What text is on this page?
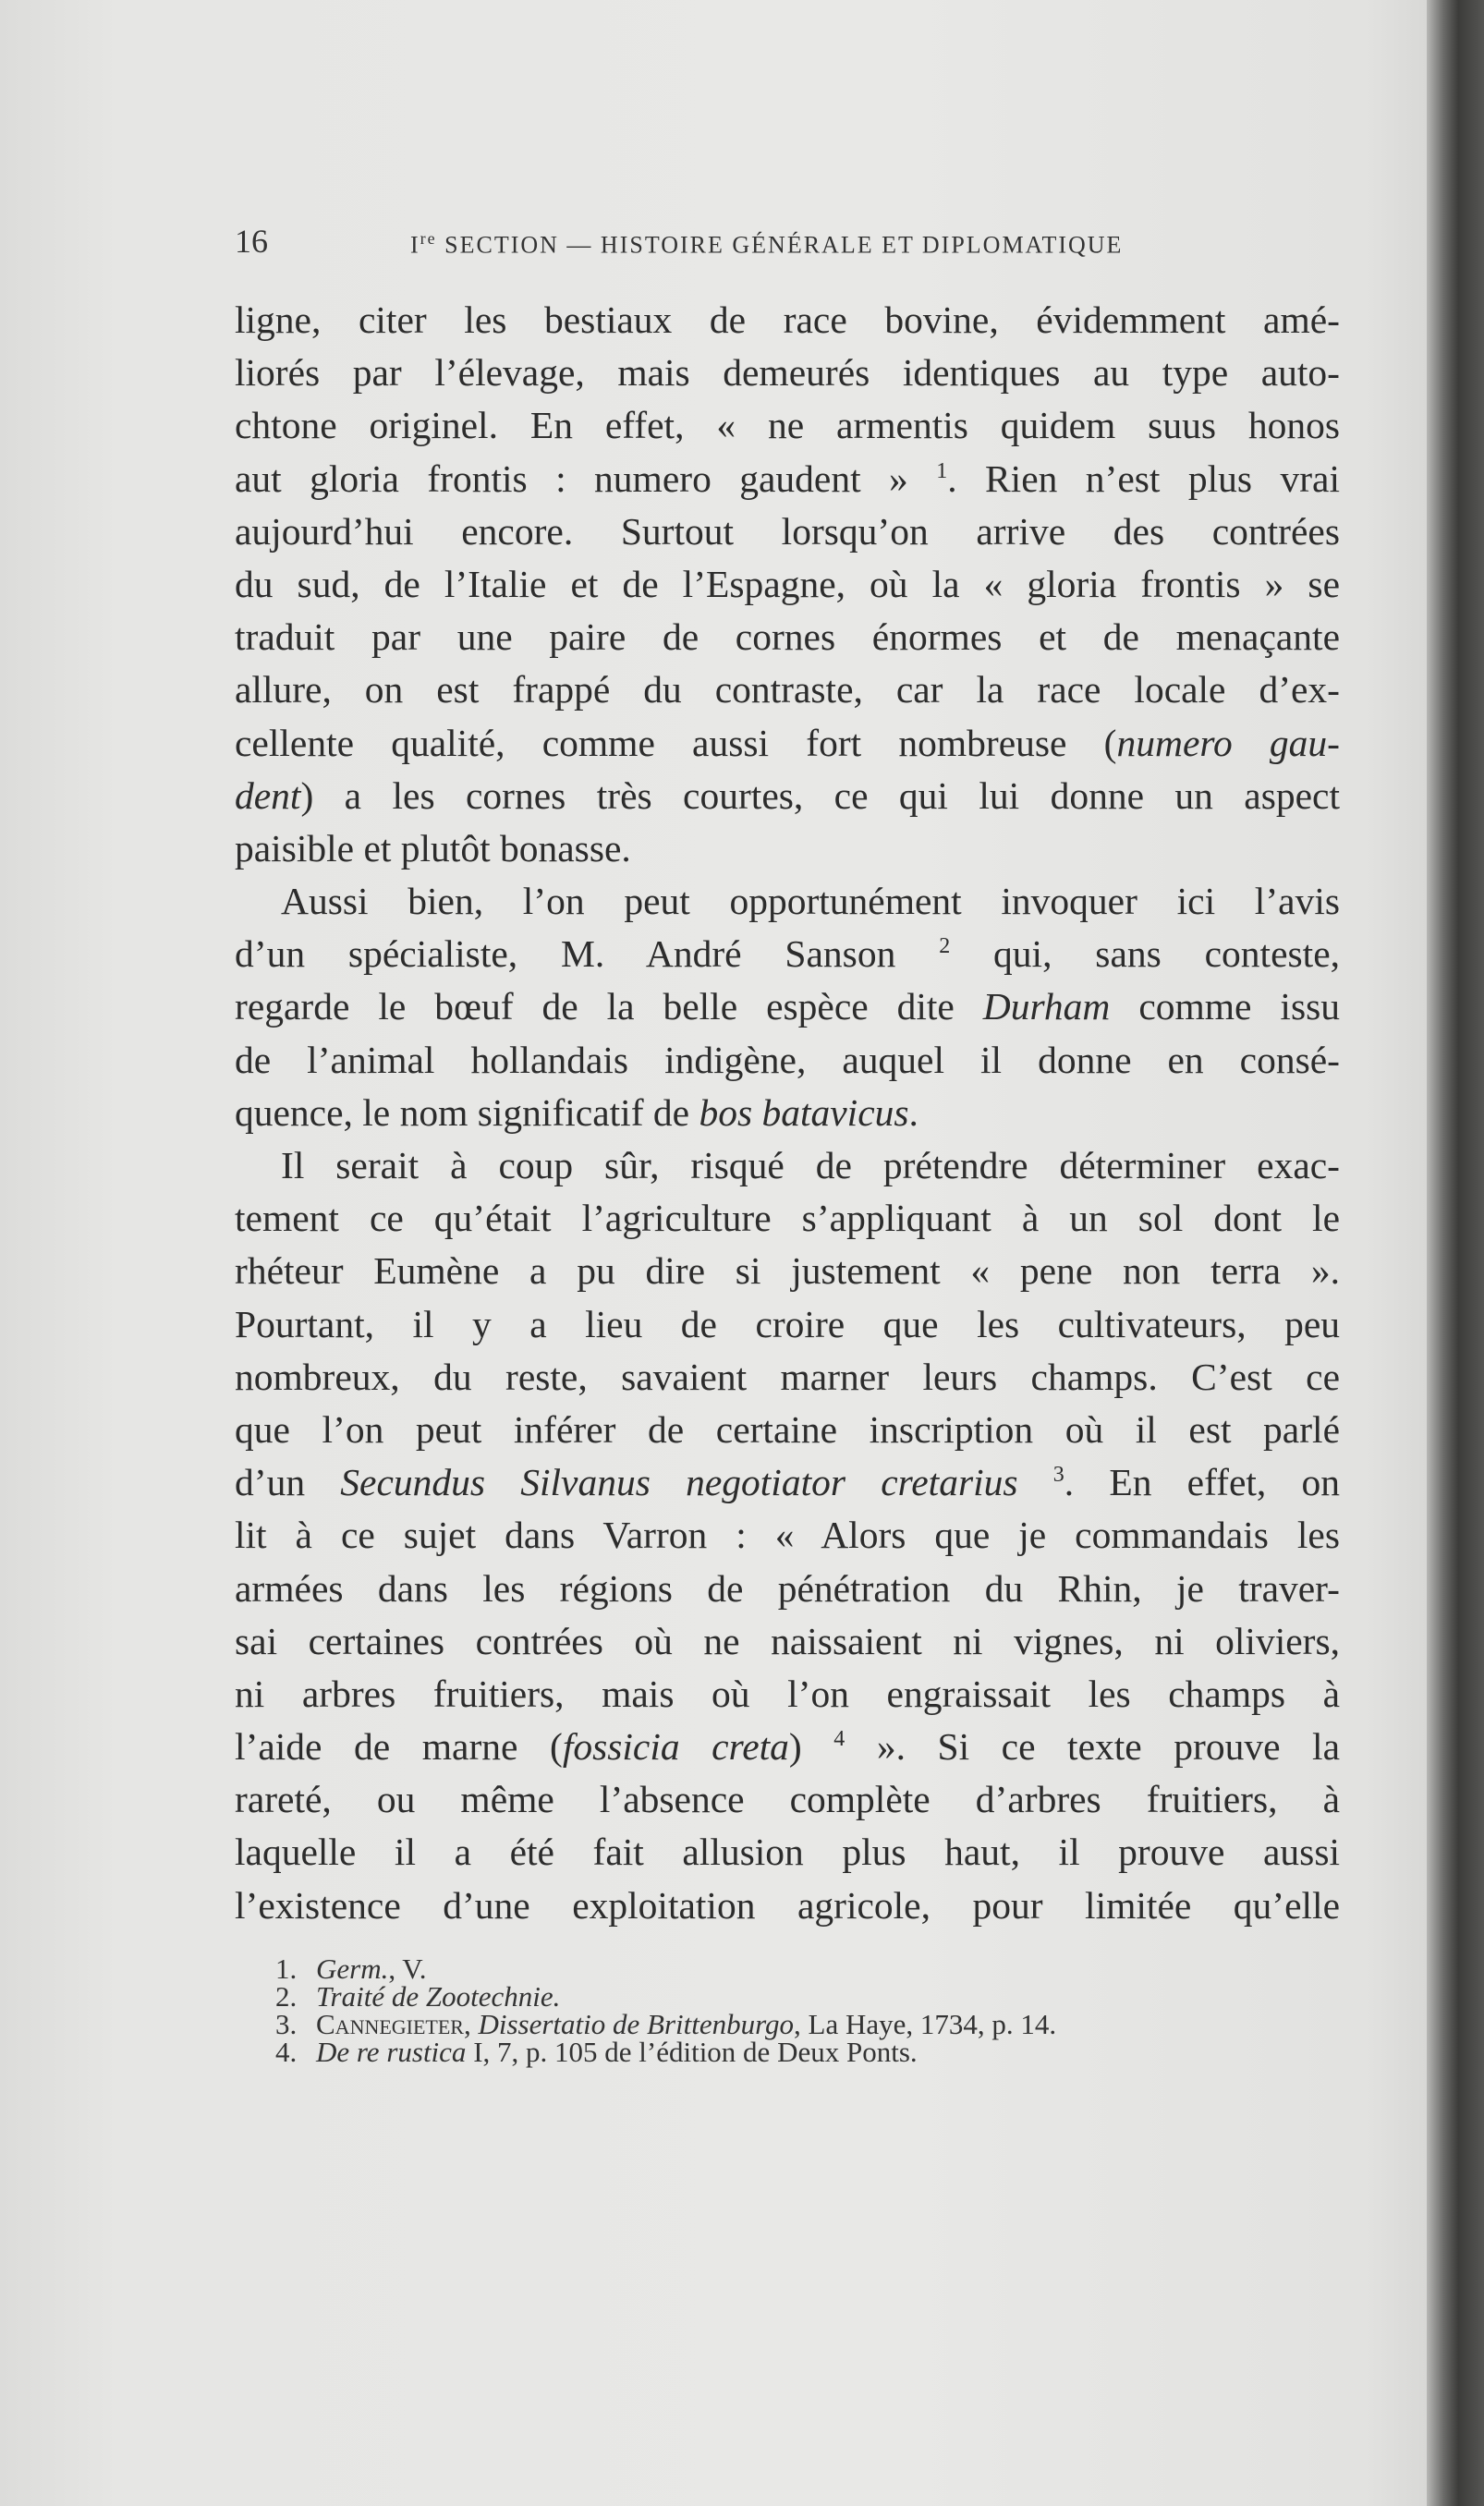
16	Ire SECTION — HISTOIRE GÉNÉRALE ET DIPLOMATIQUE
ligne, citer les bestiaux de race bovine, évidemment amé-
liorés par l’élevage, mais demeurés identiques au type auto-
chtone originel. En effet, « ne armentis quidem suus honos
aut gloria frontis : numero gaudent » $^1$. Rien n’est plus vrai
aujourd’hui encore. Surtout lorsqu’on arrive des contrées
du sud, de l’Italie et de l’Espagne, où la « gloria frontis » se
traduit par une paire de cornes énormes et de menaçante
allure, on est frappé du contraste, car la race locale d’ex-
cellente qualité, comme aussi fort nombreuse (numero gau-
dent) a les cornes très courtes, ce qui lui donne un aspect
paisible et plutôt bonasse.
Aussi bien, l’on peut opportunément invoquer ici l’avis
d’un spécialiste, M. André Sanson $^2$ qui, sans conteste,
regarde le bœuf de la belle espèce dite Durham comme issu
de l’animal hollandais indigène, auquel il donne en consé-
quence, le nom significatif de bos batavicus.
Il serait à coup sûr, risqué de prétendre déterminer exac-
tement ce qu’était l’agriculture s’appliquant à un sol dont le
rhéteur Eumène a pu dire si justement « pene non terra ».
Pourtant, il y a lieu de croire que les cultivateurs, peu
nombreux, du reste, savaient marner leurs champs. C’est ce
que l’on peut inférer de certaine inscription où il est parlé
d’un Secundus Silvanus negotiator cretarius $^3$. En effet, on
lit à ce sujet dans Varron : « Alors que je commandais les
armées dans les régions de pénétration du Rhin, je traver-
sai certaines contrées où ne naissaient ni vignes, ni oliviers,
ni arbres fruitiers, mais où l’on engraissait les champs à
l’aide de marne (fossicia creta) $^4$ ». Si ce texte prouve la
rareté, ou même l’absence complète d’arbres fruitiers, à
laquelle il a été fait allusion plus haut, il prouve aussi
l’existence d’une exploitation agricole, pour limitée qu’elle
1. Germ., V.
2. Traité de Zootechnie.
3. Cannegieter, Dissertatio de Brittenburgo, La Haye, 1734, p. 14.
4. De re rustica I, 7, p. 105 de l’édition de Deux Ponts.
